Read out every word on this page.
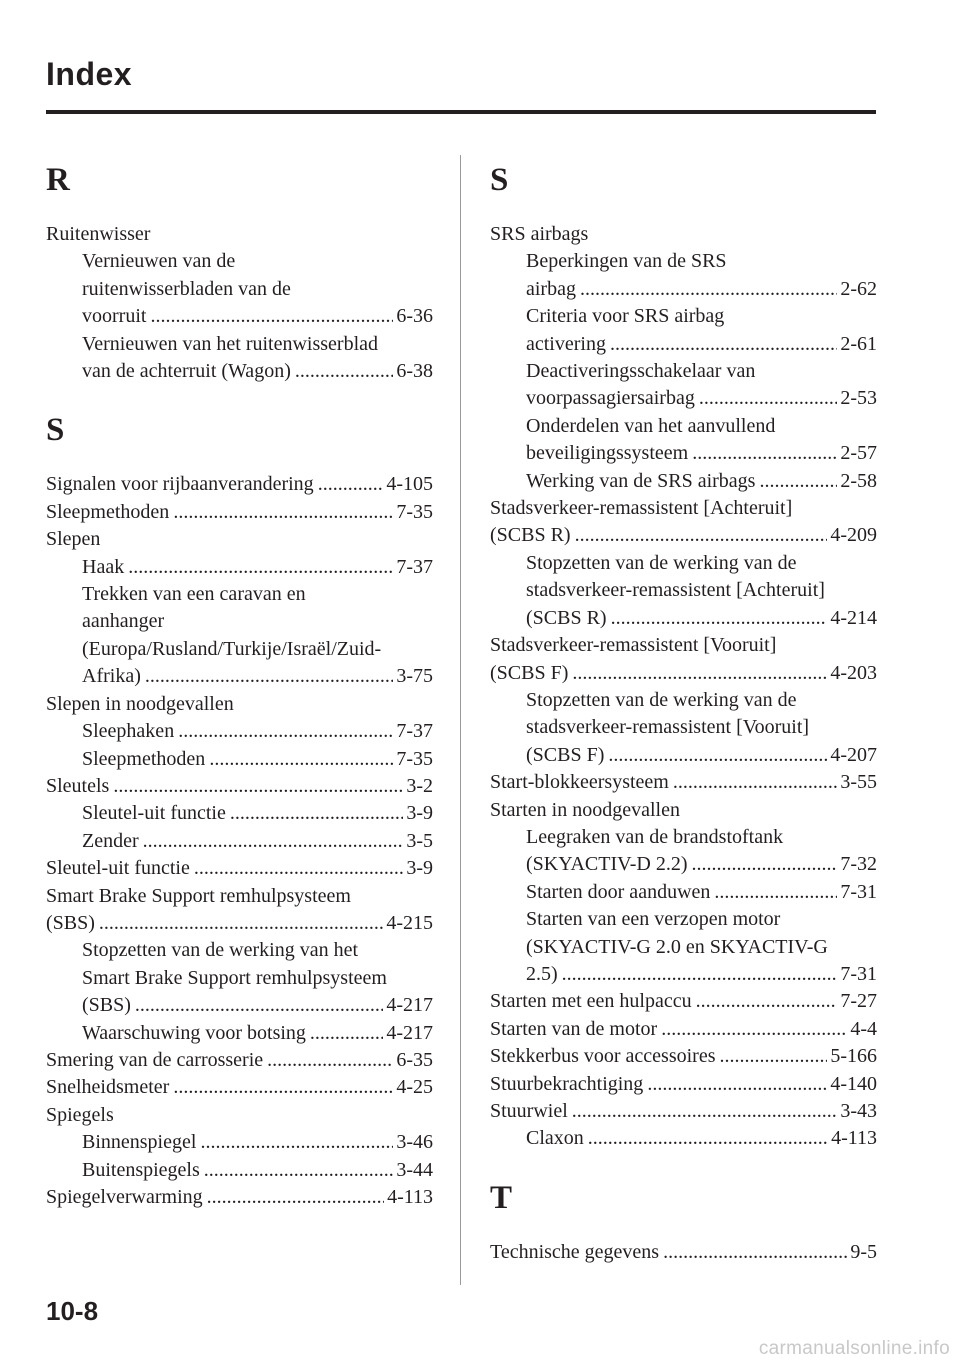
Index
R
Ruitenwisser
Vernieuwen van de
ruitenwisserbladen van de
voorruit .....	6-36
Vernieuwen van het ruitenwisserblad
van de achterruit (Wagon) .....	6-38
S
Signalen voor rijbaanverandering .....	4-105
Sleepmethoden .....	7-35
Slepen
Haak .....	7-37
Trekken van een caravan en
aanhanger
(Europa/Rusland/Turkije/Israël/Zuid-
Afrika) .....	3-75
Slepen in noodgevallen
Sleephaken .....	7-37
Sleepmethoden .....	7-35
Sleutels .....	3-2
Sleutel-uit functie .....	3-9
Zender .....	3-5
Sleutel-uit functie .....	3-9
Smart Brake Support remhulpsysteem
(SBS) .....	4-215
Stopzetten van de werking van het
Smart Brake Support remhulpsysteem
(SBS) .....	4-217
Waarschuwing voor botsing .....	4-217
Smering van de carrosserie .....	6-35
Snelheidsmeter .....	4-25
Spiegels
Binnenspiegel .....	3-46
Buitenspiegels .....	3-44
Spiegelverwarming .....	4-113
S
SRS airbags
Beperkingen van de SRS
airbag .....	2-62
Criteria voor SRS airbag
activering .....	2-61
Deactiveringsschakelaar van
voorpassagiersairbag .....	2-53
Onderdelen van het aanvullend
beveiligingssysteem .....	2-57
Werking van de SRS airbags .....	2-58
Stadsverkeer-remassistent [Achteruit]
(SCBS R) .....	4-209
Stopzetten van de werking van de
stadsverkeer-remassistent [Achteruit]
(SCBS R) .....	4-214
Stadsverkeer-remassistent [Vooruit]
(SCBS F) .....	4-203
Stopzetten van de werking van de
stadsverkeer-remassistent [Vooruit]
(SCBS F) .....	4-207
Start-blokkeersysteem .....	3-55
Starten in noodgevallen
Leegraken van de brandstoftank
(SKYACTIV-D 2.2) .....	7-32
Starten door aanduwen .....	7-31
Starten van een verzopen motor
(SKYACTIV-G 2.0 en SKYACTIV-G
2.5) .....	7-31
Starten met een hulpaccu .....	7-27
Starten van de motor .....	4-4
Stekkerbus voor accessoires .....	5-166
Stuurbekrachtiging .....	4-140
Stuurwiel .....	3-43
Claxon .....	4-113
T
Technische gegevens .....	9-5
10-8
carmanualsonline.info
